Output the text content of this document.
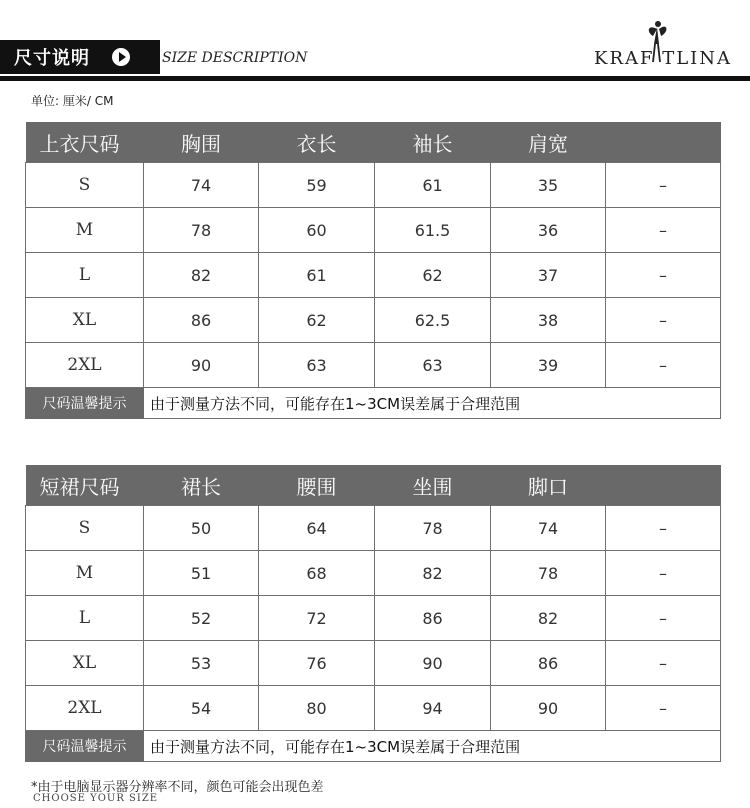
尺寸说明	SIZE DESCRIPTION	KRAF TLINA
单位: 厘米/ CM
上衣尺码	胸围	衣长	袖长	肩宽	
S	74	59	61	35	–
M	78	60	61.5	36	–
L	82	61	62	37	–
XL	86	62	62.5	38	–
2XL	90	63	63	39	–
尺码温馨提示	由于测量方法不同，可能存在1~3CM误差属于合理范围				
短裙尺码	裙长	腰围	坐围	脚口	
S	50	64	78	74	–
M	51	68	82	78	–
L	52	72	86	82	–
XL	53	76	90	86	–
2XL	54	80	94	90	–
尺码温馨提示	由于测量方法不同，可能存在1~3CM误差属于合理范围				
*由于电脑显示器分辨率不同，颜色可能会出现色差
CHOOSE YOUR SIZE
